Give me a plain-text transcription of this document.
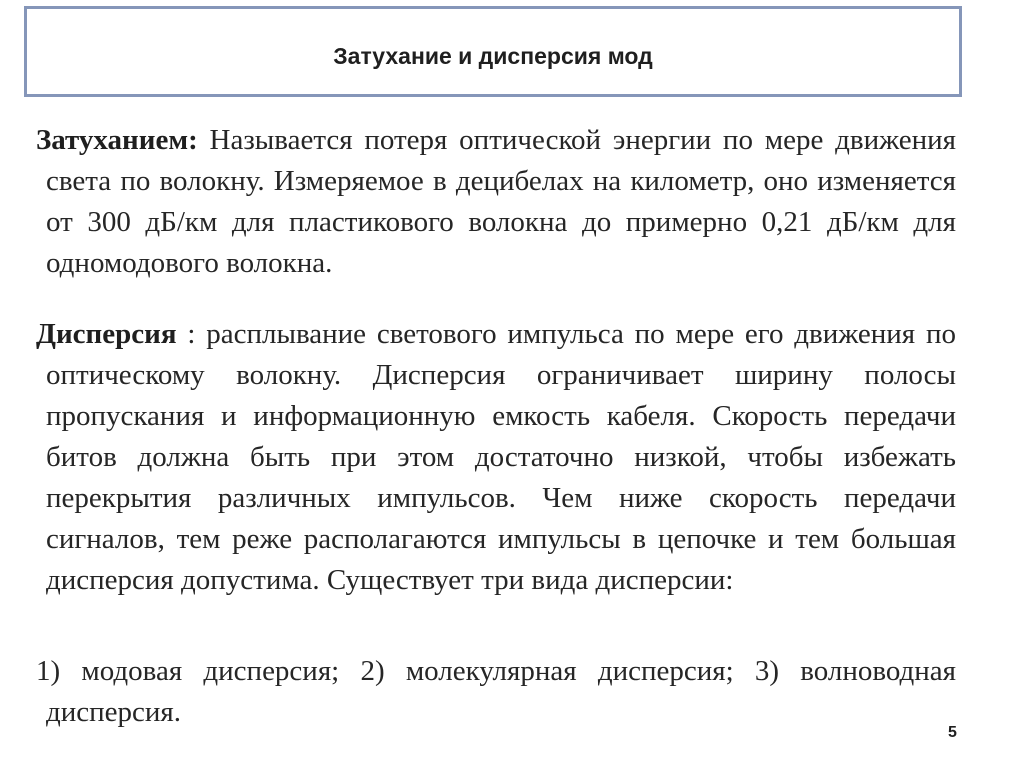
Затухание и дисперсия мод
Затуханием: Называется потеря оптической энергии по мере движения света по волокну. Измеряемое в децибелах на километр, оно изменяется от 300 дБ/км для пластикового волокна до примерно 0,21 дБ/км для одномодового волокна.
Дисперсия : расплывание светового импульса по мере его движения по оптическому волокну. Дисперсия ограничивает ширину полосы пропускания и информационную емкость кабеля. Скорость передачи битов должна быть при этом достаточно низкой, чтобы избежать перекрытия различных импульсов. Чем ниже скорость передачи сигналов, тем реже располагаются импульсы в цепочке и тем большая дисперсия допустима. Существует три вида дисперсии:
1) модовая дисперсия; 2) молекулярная дисперсия; 3) волноводная дисперсия.
5
